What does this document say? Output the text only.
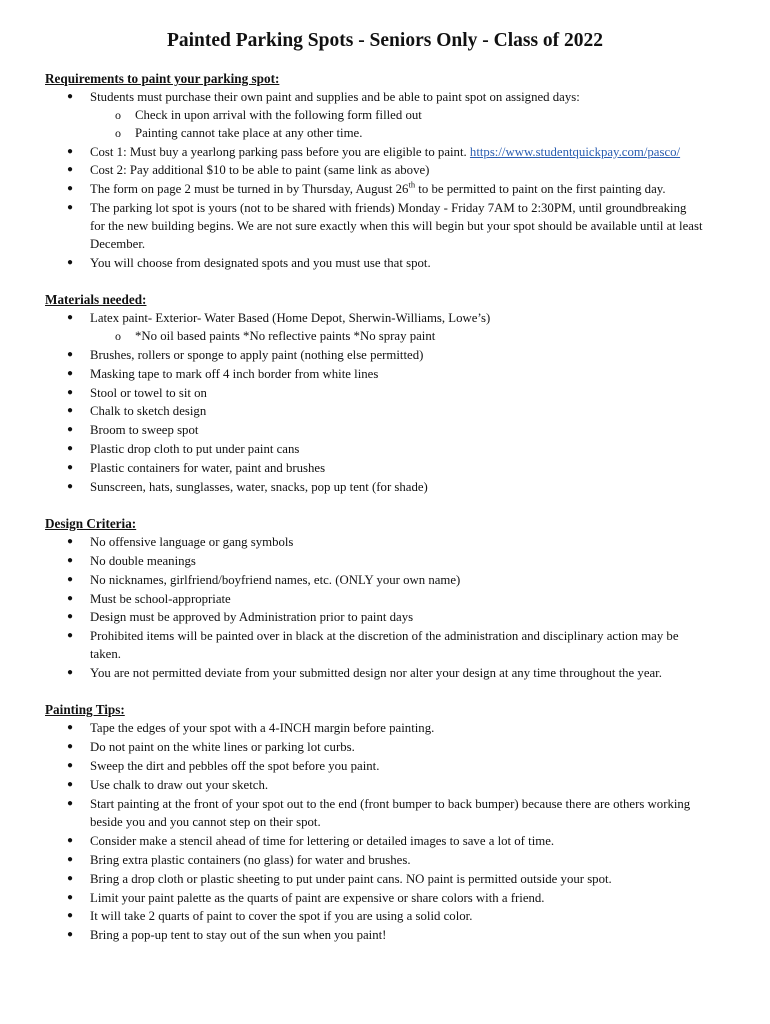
Painted Parking Spots - Seniors Only - Class of 2022
Requirements to paint your parking spot:
● Students must purchase their own paint and supplies and be able to paint spot on assigned days:
o Check in upon arrival with the following form filled out
o Painting cannot take place at any other time.
● Cost 1: Must buy a yearlong parking pass before you are eligible to paint. https://www.studentquickpay.com/pasco/
● Cost 2: Pay additional $10 to be able to paint (same link as above)
● The form on page 2 must be turned in by Thursday, August 26th to be permitted to paint on the first painting day.
● The parking lot spot is yours (not to be shared with friends) Monday - Friday 7AM to 2:30PM, until groundbreaking
for the new building begins. We are not sure exactly when this will begin but your spot should be available until at least
December.
● You will choose from designated spots and you must use that spot.
Materials needed:
● Latex paint- Exterior- Water Based (Home Depot, Sherwin-Williams, Lowe’s)
o *No oil based paints *No reflective paints *No spray paint
● Brushes, rollers or sponge to apply paint (nothing else permitted)
● Masking tape to mark off 4 inch border from white lines
● Stool or towel to sit on
● Chalk to sketch design
● Broom to sweep spot
● Plastic drop cloth to put under paint cans
● Plastic containers for water, paint and brushes
● Sunscreen, hats, sunglasses, water, snacks, pop up tent (for shade)
Design Criteria:
● No offensive language or gang symbols
● No double meanings
● No nicknames, girlfriend/boyfriend names, etc. (ONLY your own name)
● Must be school-appropriate
● Design must be approved by Administration prior to paint days
● Prohibited items will be painted over in black at the discretion of the administration and disciplinary action may be
taken.
● You are not permitted deviate from your submitted design nor alter your design at any time throughout the year.
Painting Tips:
● Tape the edges of your spot with a 4-INCH margin before painting.
● Do not paint on the white lines or parking lot curbs.
● Sweep the dirt and pebbles off the spot before you paint.
● Use chalk to draw out your sketch.
● Start painting at the front of your spot out to the end (front bumper to back bumper) because there are others working
beside you and you cannot step on their spot.
● Consider make a stencil ahead of time for lettering or detailed images to save a lot of time.
● Bring extra plastic containers (no glass) for water and brushes.
● Bring a drop cloth or plastic sheeting to put under paint cans. NO paint is permitted outside your spot.
● Limit your paint palette as the quarts of paint are expensive or share colors with a friend.
● It will take 2 quarts of paint to cover the spot if you are using a solid color.
● Bring a pop-up tent to stay out of the sun when you paint!
